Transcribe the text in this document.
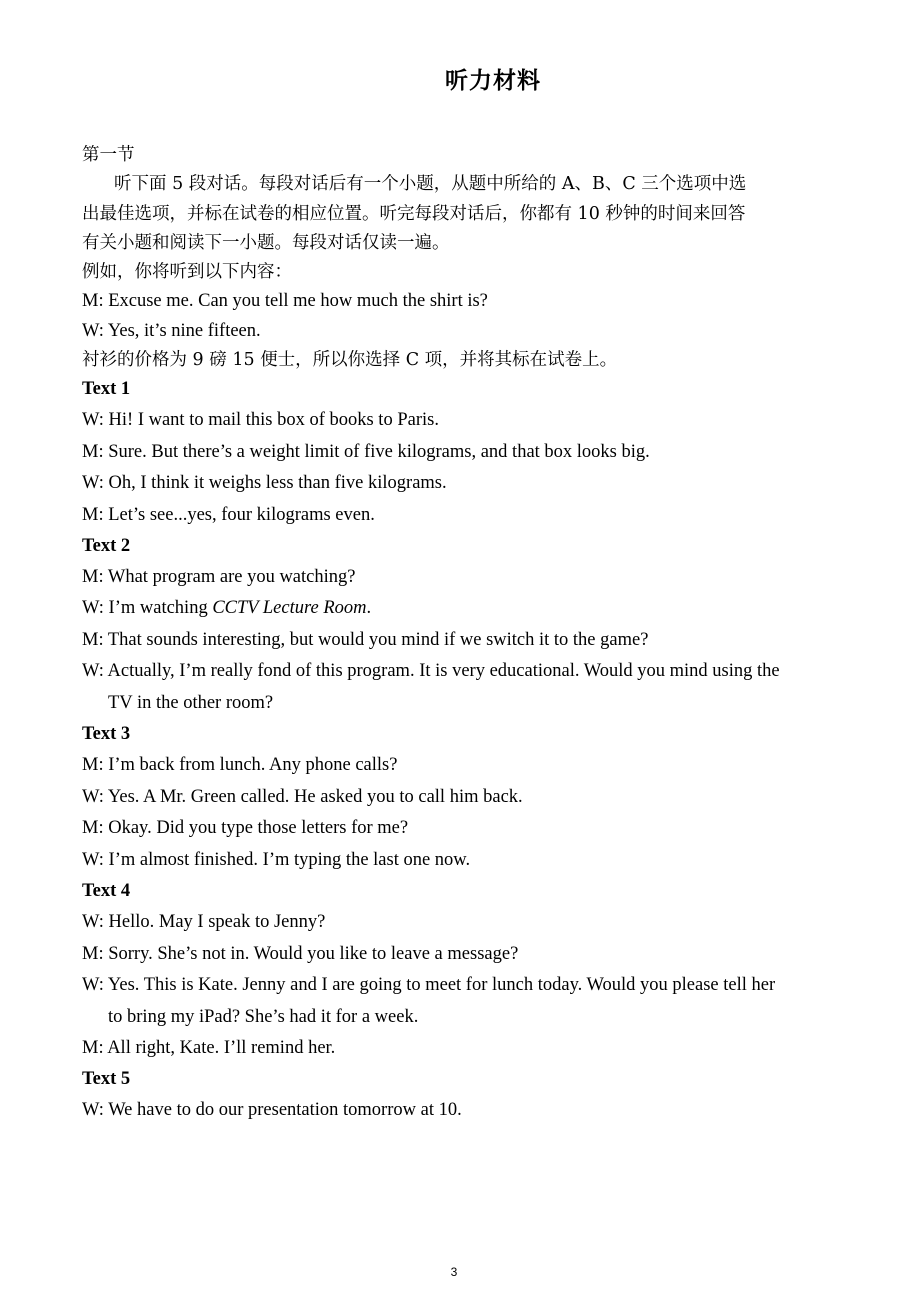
听力材料
第一节
听下面 5 段对话。每段对话后有一个小题，从题中所给的 A、B、C 三个选项中选
出最佳选项，并标在试卷的相应位置。听完每段对话后，你都有 10 秒钟的时间来回答
有关小题和阅读下一小题。每段对话仅读一遍。
例如，你将听到以下内容：
M: Excuse me. Can you tell me how much the shirt is?
W: Yes, it’s nine fifteen.
衬衫的价格为 9 磅 15 便士，所以你选择 C 项，并将其标在试卷上。
Text 1
W: Hi! I want to mail this box of books to Paris.
M: Sure. But there’s a weight limit of five kilograms, and that box looks big.
W: Oh, I think it weighs less than five kilograms.
M: Let’s see...yes, four kilograms even.
Text 2
M: What program are you watching?
W: I’m watching CCTV Lecture Room.
M: That sounds interesting, but would you mind if we switch it to the game?
W: Actually, I’m really fond of this program. It is very educational. Would you mind using the
TV in the other room?
Text 3
M: I’m back from lunch. Any phone calls?
W: Yes. A Mr. Green called. He asked you to call him back.
M: Okay. Did you type those letters for me?
W: I’m almost finished. I’m typing the last one now.
Text 4
W: Hello. May I speak to Jenny?
M: Sorry. She’s not in. Would you like to leave a message?
W: Yes. This is Kate. Jenny and I are going to meet for lunch today. Would you please tell her
to bring my iPad? She’s had it for a week.
M: All right, Kate. I’ll remind her.
Text 5
W: We have to do our presentation tomorrow at 10.
3
